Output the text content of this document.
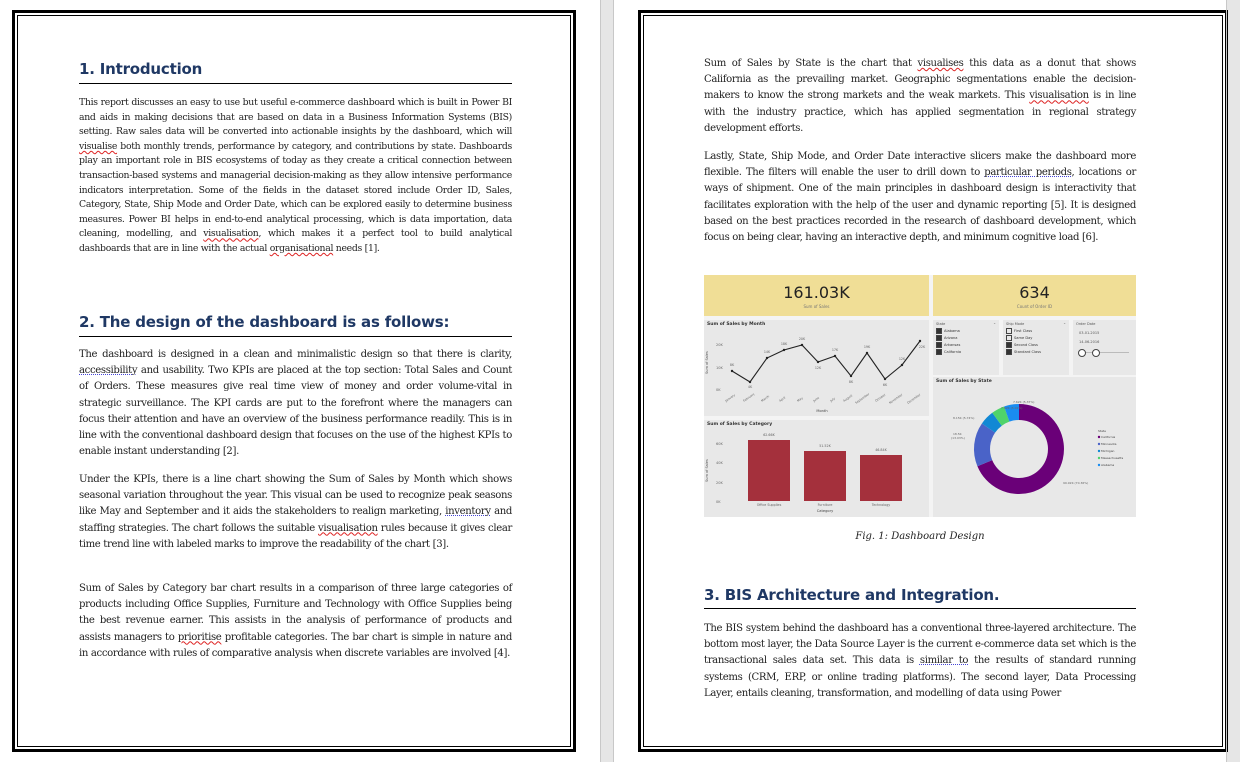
1. Introduction
This report discusses an easy to use but useful e-commerce dashboard which is built in Power BI and aids in making decisions that are based on data in a Business Information Systems (BIS) setting. Raw sales data will be converted into actionable insights by the dashboard, which will visualise both monthly trends, performance by category, and contributions by state. Dashboards play an important role in BIS ecosystems of today as they create a critical connection between transaction-based systems and managerial decision-making as they allow intensive performance indicators interpretation. Some of the fields in the dataset stored include Order ID, Sales, Category, State, Ship Mode and Order Date, which can be explored easily to determine business measures. Power BI helps in end-to-end analytical processing, which is data importation, data cleaning, modelling, and visualisation, which makes it a perfect tool to build analytical dashboards that are in line with the actual organisational needs [1].
2. The design of the dashboard is as follows:
The dashboard is designed in a clean and minimalistic design so that there is clarity, accessibility and usability. Two KPIs are placed at the top section: Total Sales and Count of Orders. These measures give real time view of money and order volume-vital in strategic surveillance. The KPI cards are put to the forefront where the managers can focus their attention and have an overview of the business performance readily. This is in line with the conventional dashboard design that focuses on the use of the highest KPIs to enable instant understanding [2].
Under the KPIs, there is a line chart showing the Sum of Sales by Month which shows seasonal variation throughout the year. This visual can be used to recognize peak seasons like May and September and it aids the stakeholders to realign marketing, inventory and staffing strategies. The chart follows the suitable visualisation rules because it gives clear time trend line with labeled marks to improve the readability of the chart [3].
Sum of Sales by Category bar chart results in a comparison of three large categories of products including Office Supplies, Furniture and Technology with Office Supplies being the best revenue earner. This assists in the analysis of performance of products and assists managers to prioritise profitable categories. The bar chart is simple in nature and in accordance with rules of comparative analysis when discrete variables are involved [4].
Sum of Sales by State is the chart that visualises this data as a donut that shows California as the prevailing market. Geographic segmentations enable the decision-makers to know the strong markets and the weak markets. This visualisation is in line with the industry practice, which has applied segmentation in regional strategy development efforts.
Lastly, State, Ship Mode, and Order Date interactive slicers make the dashboard more flexible. The filters will enable the user to drill down to particular periods, locations or ways of shipment. One of the main principles in dashboard design is interactivity that facilitates exploration with the help of the user and dynamic reporting [5]. It is designed based on the best practices recorded in the research of dashboard development, which focus on being clear, having an interactive depth, and minimum cognitive load [6].
Fig. 1: Dashboard Design
3. BIS Architecture and Integration.
The BIS system behind the dashboard has a conventional three-layered architecture. The bottom most layer, the Data Source Layer is the current e-commerce data set which is the transactional sales data set. This data is similar to the results of standard running systems (CRM, ERP, or online trading platforms). The second layer, Data Processing Layer, entails cleaning, transformation, and modelling of data using Power
161.03K
Sum of Sales
634
Count of Order ID
Sum of Sales by Month
Sum of Sales
0K
10K
20K
8K
4K
14K
18K
20K
12K
17K
8K
19K
6K
12K
22K
January February March	April	May	June	July August September October November December
Month
Sum of Sales by Category
Sum of Sales
0K
20K
40K
60K
62.66K
51.52K
46.84K
Office Supplies	Furniture	Technology
Category
State
Alabama
Arizona
Arkansas
California
⌄	Ship Mode
First Class
Same Day
Second Class
Standard Class
⌄	Order Date
03-01-2015
14-06-2016
Sum of Sales by State
7.62K (5.37%)
7.62K (5.01%)
8.15K (5.74%)
18.5K
(13.03%)
99.92K (70.36%)
State
California
Minnesota
Michigan
Massachusetts
Alabama
